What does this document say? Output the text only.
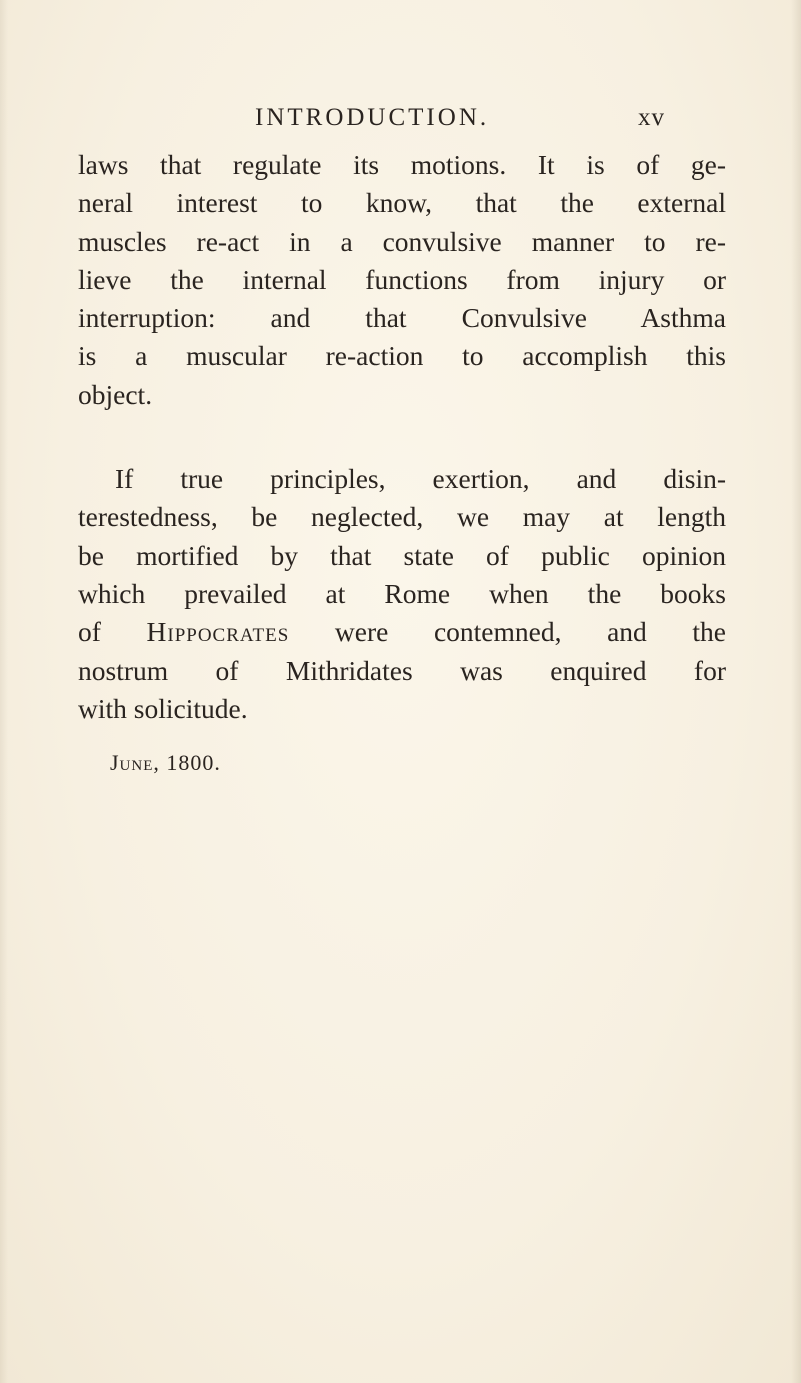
INTRODUCTION.	xv
laws that regulate its motions. It is of ge-
neral interest to know, that the external
muscles re-act in a convulsive manner to re-
lieve the internal functions from injury or
interruption: and that Convulsive Asthma
is a muscular re-action to accomplish this
object.
If true principles, exertion, and disin-
terestedness, be neglected, we may at length
be mortified by that state of public opinion
which prevailed at Rome when the books
of Hippocrates were contemned, and the
nostrum of Mithridates was enquired for
with solicitude.
June, 1800.
